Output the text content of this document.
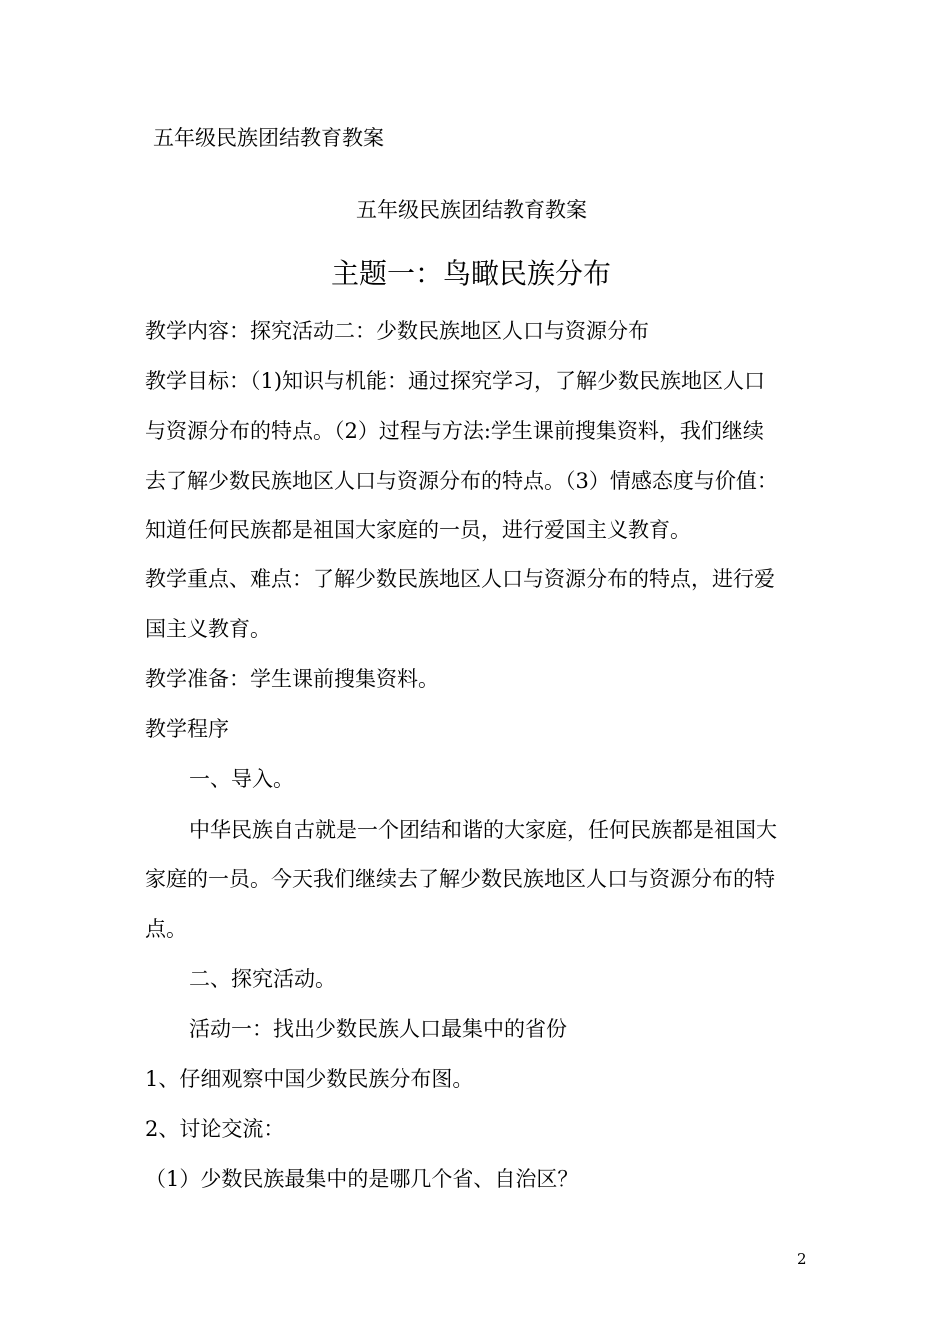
五年级民族团结教育教案
五年级民族团结教育教案
主题一：鸟瞰民族分布
教学内容：探究活动二：少数民族地区人口与资源分布
教学目标：（1)知识与机能：通过探究学习，了解少数民族地区人口
与资源分布的特点。（2）过程与方法:学生课前搜集资料，我们继续
去了解少数民族地区人口与资源分布的特点。（3）情感态度与价值：
知道任何民族都是祖国大家庭的一员，进行爱国主义教育。
教学重点、难点：了解少数民族地区人口与资源分布的特点，进行爱
国主义教育。
教学准备：学生课前搜集资料。
教学程序
一、导入。
中华民族自古就是一个团结和谐的大家庭，任何民族都是祖国大
家庭的一员。今天我们继续去了解少数民族地区人口与资源分布的特
点。
二、探究活动。
活动一：找出少数民族人口最集中的省份
1、仔细观察中国少数民族分布图。
2、讨论交流：
（1）少数民族最集中的是哪几个省、自治区？
2
